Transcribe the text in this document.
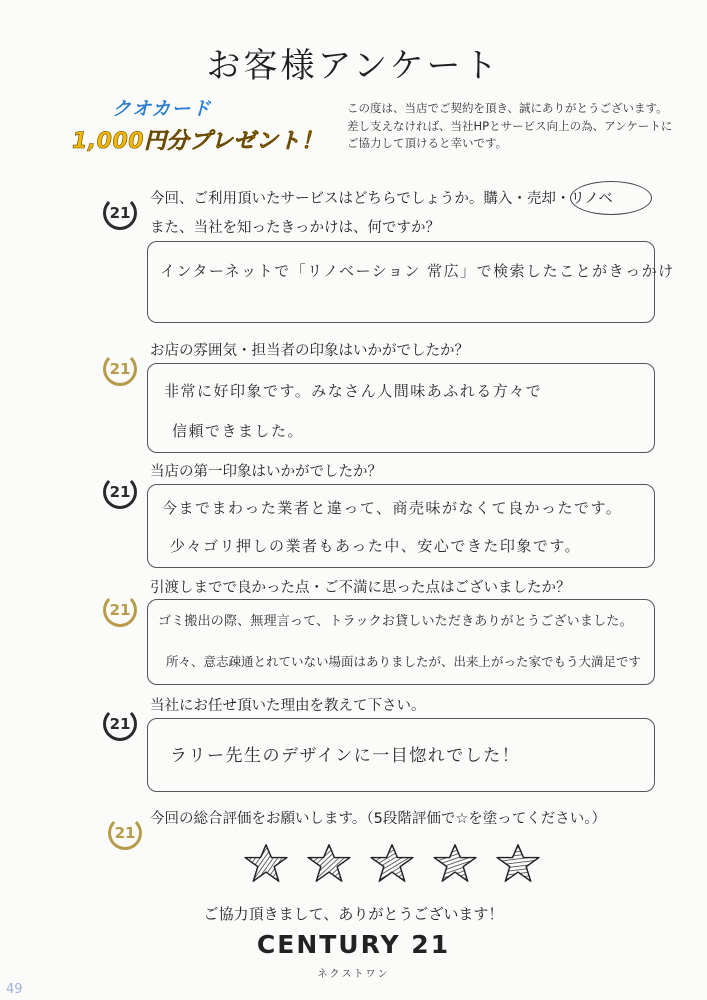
お客様アンケート
クオカード
1,000円分プレゼント！
この度は、当店でご契約を頂き、誠にありがとうございます。
差し支えなければ、当社HPとサービス向上の為、アンケートに
ご協力して頂けると幸いです。
21
今回、ご利用頂いたサービスはどちらでしょうか。購入・売却・リノベ
また、当社を知ったきっかけは、何ですか？
インターネットで「リノベーション 常広」で検索したことがきっかけ
21
お店の雰囲気・担当者の印象はいかがでしたか？
非常に好印象です。みなさん人間味あふれる方々で
信頼できました。
21
当店の第一印象はいかがでしたか？
今までまわった業者と違って、商売味がなくて良かったです。
少々ゴリ押しの業者もあった中、安心できた印象です。
21
引渡しまでで良かった点・ご不満に思った点はございましたか？
ゴミ搬出の際、無理言って、トラックお貸しいただきありがとうございました。
所々、意志疎通とれていない場面はありましたが、出来上がった家でもう大満足です
21
当社にお任せ頂いた理由を教えて下さい。
ラリー先生のデザインに一目惚れでした！
21
今回の総合評価をお願いします。（5段階評価で☆を塗ってください。）
ご協力頂きまして、ありがとうございます！
CENTURY 21
ネクストワン
49
